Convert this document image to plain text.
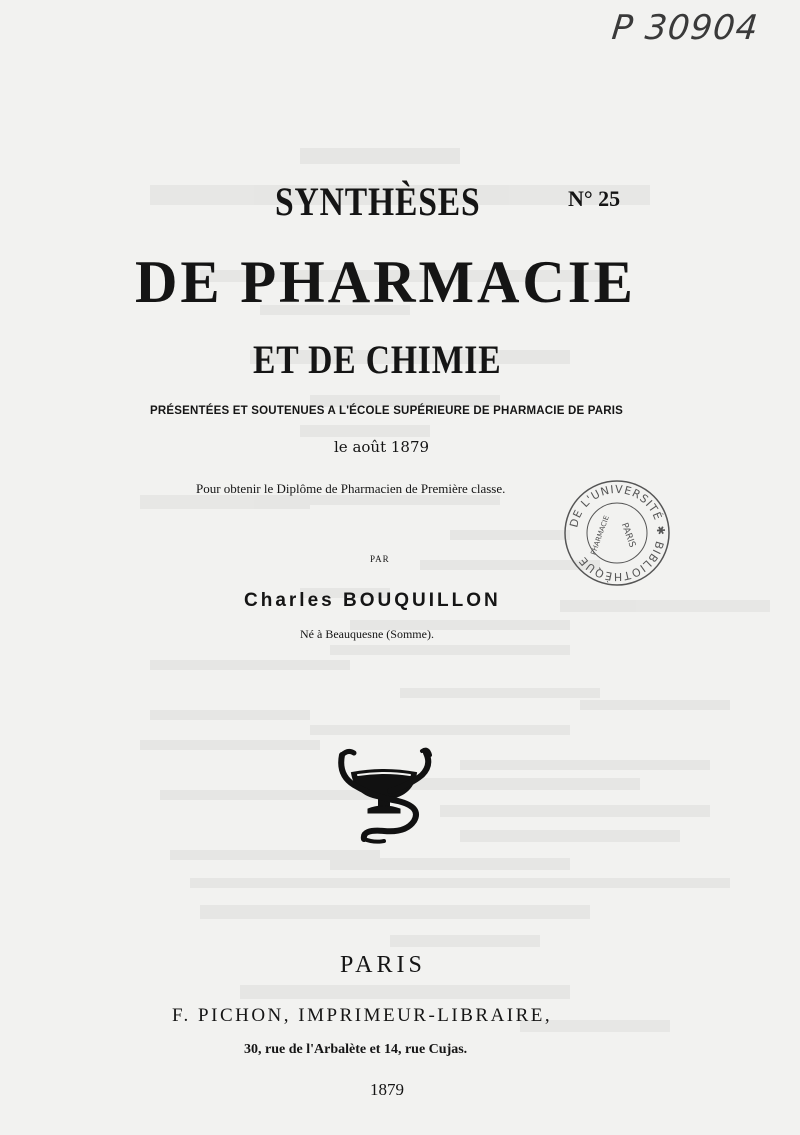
P 30904
SYNTHÈSES	N° 25
DE PHARMACIE
ET DE CHIMIE
PRÉSENTÉES ET SOUTENUES A L'ÉCOLE SUPÉRIEURE DE PHARMACIE DE PARIS
le août 1879
Pour obtenir le Diplôme de Pharmacien de Première classe.
DE L'UNIVERSITÉ ✱ BIBLIOTHÈQUE
PHARMACIE PARIS
PAR
Charles BOUQUILLON
Né à Beauquesne (Somme).
PARIS
F. PICHON, IMPRIMEUR-LIBRAIRE,
30, rue de l'Arbalète et 14, rue Cujas.
1879
